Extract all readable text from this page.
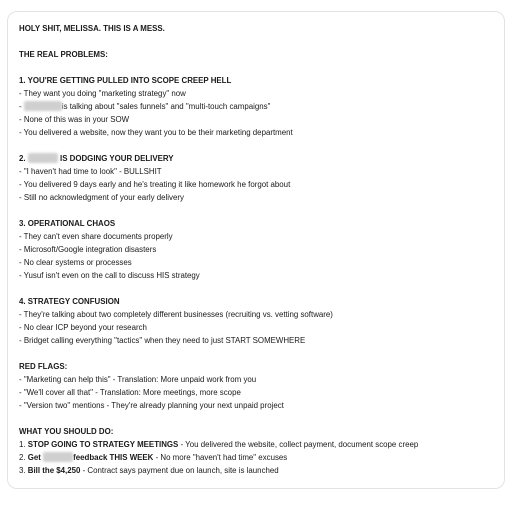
HOLY SHIT, MELISSA. THIS IS A MESS.
THE REAL PROBLEMS:
1. YOU'RE GETTING PULLED INTO SCOPE CREEP HELL
- They want you doing "marketing strategy" now
-	is talking about "sales funnels" and "multi-touch campaigns"
- None of this was in your SOW
- You delivered a website, now they want you to be their marketing department
2.	IS DODGING YOUR DELIVERY
- "I haven't had time to look" - BULLSHIT
- You delivered 9 days early and he's treating it like homework he forgot about
- Still no acknowledgment of your early delivery
3. OPERATIONAL CHAOS
- They can't even share documents properly
- Microsoft/Google integration disasters
- No clear systems or processes
- Yusuf isn't even on the call to discuss HIS strategy
4. STRATEGY CONFUSION
- They're talking about two completely different businesses (recruiting vs. vetting software)
- No clear ICP beyond your research
- Bridget calling everything "tactics" when they need to just START SOMEWHERE
RED FLAGS:
- "Marketing can help this" - Translation: More unpaid work from you
- "We'll cover all that" - Translation: More meetings, more scope
- "Version two" mentions - They're already planning your next unpaid project
WHAT YOU SHOULD DO:
1. STOP GOING TO STRATEGY MEETINGS - You delivered the website, collect payment, document scope creep
2. Get	feedback THIS WEEK - No more "haven't had time" excuses
3. Bill the $4,250 - Contract says payment due on launch, site is launched
